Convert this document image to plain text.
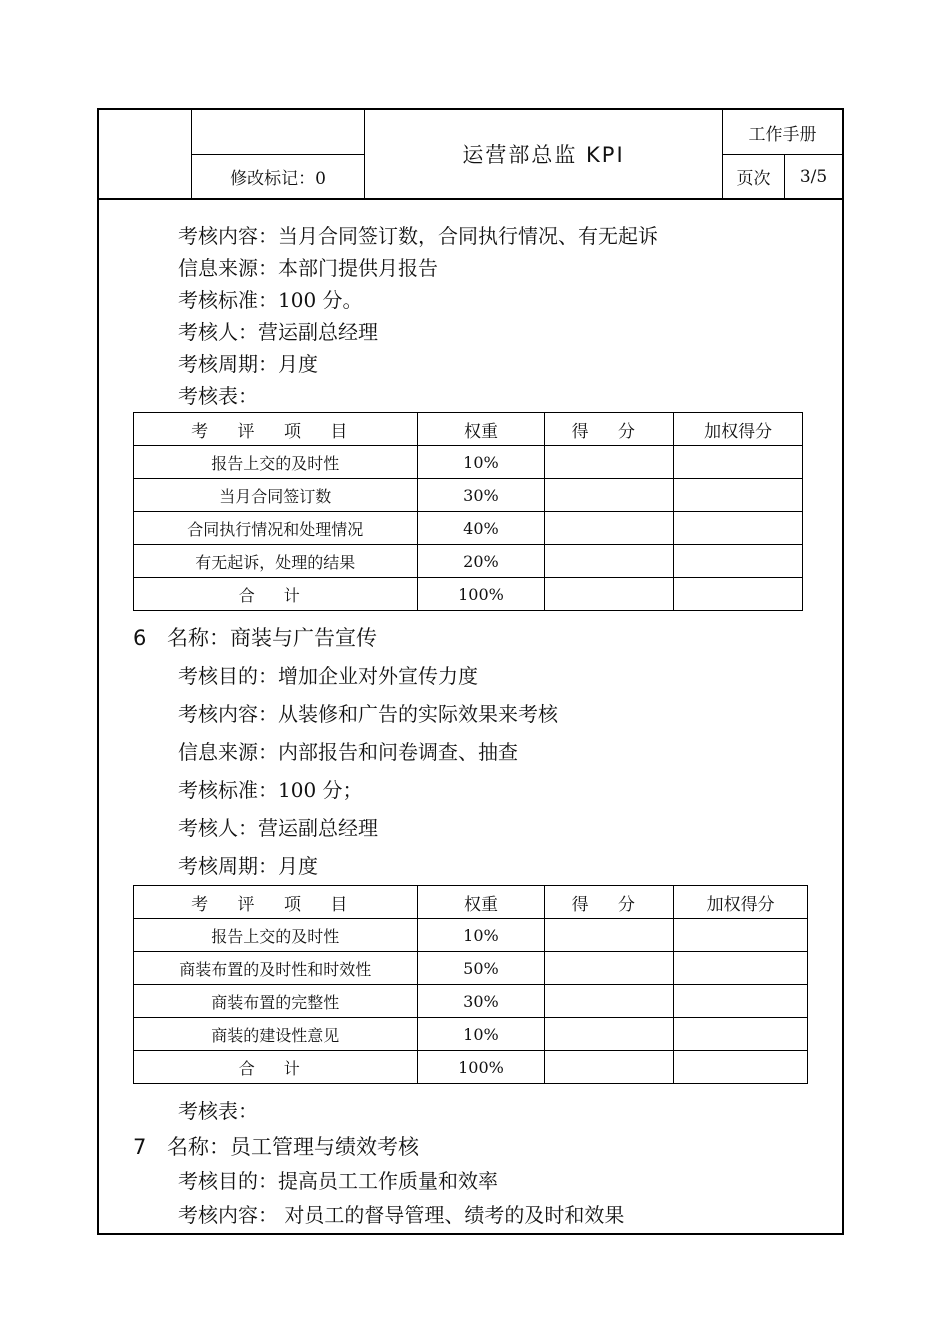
修改标记：0
运营部总监 KPI
工作手册
页次	3/5
考核内容：当月合同签订数，合同执行情况、有无起诉
信息来源：本部门提供月报告
考核标准：100 分。
考核人：营运副总经理
考核周期：月度
考核表：
考 评 项 目	权重	得 分	加权得分
报告上交的及时性	10%		
当月合同签订数	30%		
合同执行情况和处理情况	40%		
有无起诉，处理的结果	20%		
合 计	100%		
6 名称：商装与广告宣传
考核目的：增加企业对外宣传力度
考核内容：从装修和广告的实际效果来考核
信息来源：内部报告和问卷调查、抽查
考核标准：100 分；
考核人：营运副总经理
考核周期：月度
考 评 项 目	权重	得 分	加权得分
报告上交的及时性	10%		
商装布置的及时性和时效性	50%		
商装布置的完整性	30%		
商装的建设性意见	10%		
合 计	100%		
考核表：
7 名称：员工管理与绩效考核
考核目的：提高员工工作质量和效率
考核内容： 对员工的督导管理、绩考的及时和效果
